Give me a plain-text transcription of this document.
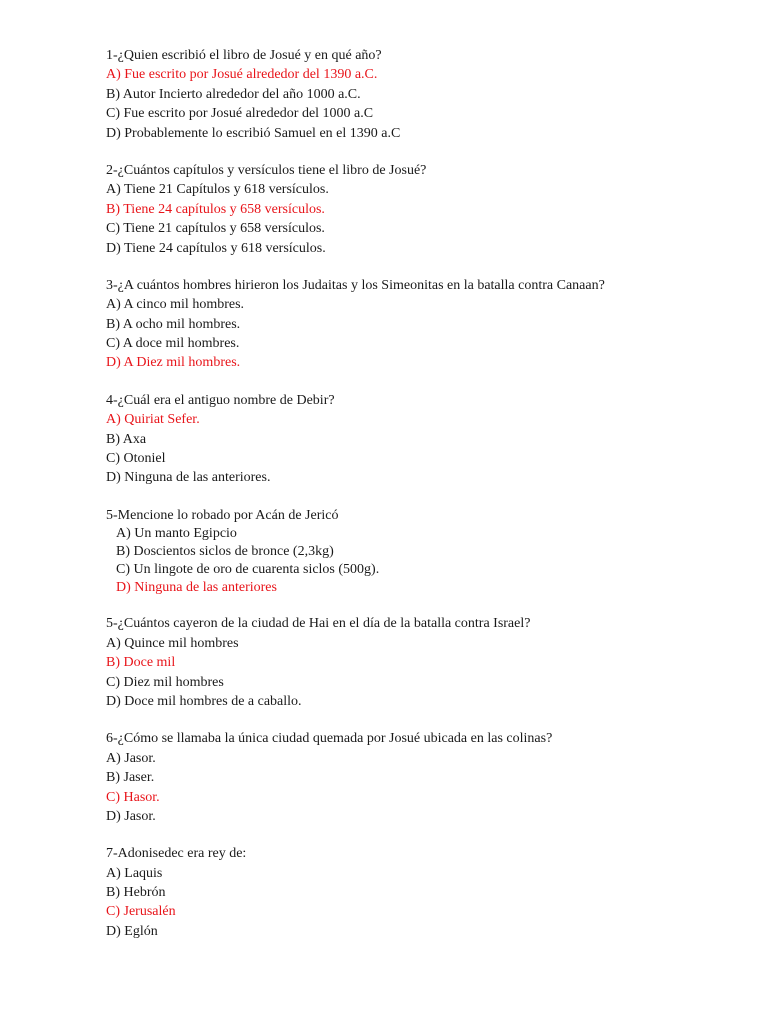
1-¿Quien escribió el libro de Josué y en qué año?
A) Fue escrito por Josué alrededor del 1390 a.C.
B) Autor Incierto alrededor del año 1000 a.C.
C) Fue escrito por Josué alrededor del 1000 a.C
D) Probablemente lo escribió Samuel en el 1390 a.C
2-¿Cuántos capítulos y versículos tiene el libro de Josué?
A) Tiene 21 Capítulos y 618 versículos.
B) Tiene 24 capítulos y 658 versículos.
C) Tiene 21 capítulos y 658 versículos.
D) Tiene 24 capítulos y 618 versículos.
3-¿A cuántos hombres hirieron los Judaitas y los Simeonitas en la batalla contra Canaan?
A) A cinco mil hombres.
B) A ocho mil hombres.
C) A doce mil hombres.
D) A Diez mil hombres.
4-¿Cuál era el antiguo nombre de Debir?
A) Quiriat Sefer.
B) Axa
C) Otoniel
D) Ninguna de las anteriores.
5-Mencione lo robado por Acán de Jericó
A) Un manto Egipcio
B) Doscientos siclos de bronce (2,3kg)
C) Un lingote de oro de cuarenta siclos (500g).
D) Ninguna de las anteriores
5-¿Cuántos cayeron de la ciudad de Hai en el día de la batalla contra Israel?
A) Quince mil hombres
B) Doce mil
C) Diez mil hombres
D) Doce mil hombres de a caballo.
6-¿Cómo se llamaba la única ciudad quemada por Josué ubicada en las colinas?
A) Jasor.
B) Jaser.
C) Hasor.
D) Jasor.
7-Adonisedec era rey de:
A) Laquis
B) Hebrón
C) Jerusalén
D) Eglón
